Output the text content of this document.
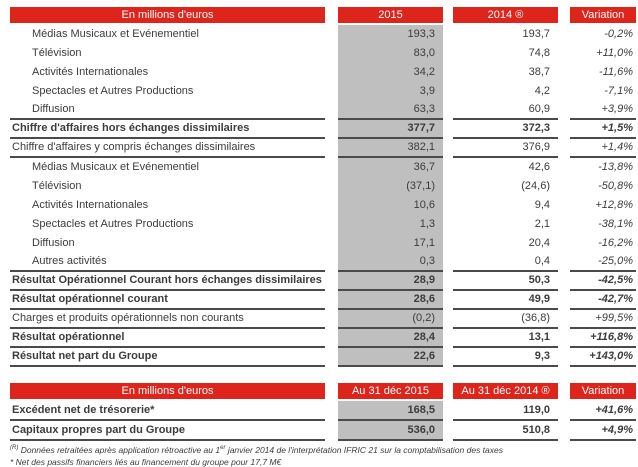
En millions d'euros	2015	2014 ®	Variation
Médias Musicaux et Evénementiel	193,3	193,7	-0,2%
Télévision	83,0	74,8	+11,0%
Activités Internationales	34,2	38,7	-11,6%
Spectacles et Autres Productions	3,9	4,2	-7,1%
Diffusion	63,3	60,9	+3,9%
Chiffre d'affaires hors échanges dissimilaires	377,7	372,3	+1,5%
Chiffre d'affaires y compris échanges dissimilaires	382,1	376,9	+1,4%
Médias Musicaux et Evénementiel	36,7	42,6	-13,8%
Télévision	(37,1)	(24,6)	-50,8%
Activités Internationales	10,6	9,4	+12,8%
Spectacles et Autres Productions	1,3	2,1	-38,1%
Diffusion	17,1	20,4	-16,2%
Autres activités	0,3	0,4	-25,0%
Résultat Opérationnel Courant hors échanges dissimilaires	28,9	50,3	-42,5%
Résultat opérationnel courant	28,6	49,9	-42,7%
Charges et produits opérationnels non courants	(0,2)	(36,8)	+99,5%
Résultat opérationnel	28,4	13,1	+116,8%
Résultat net part du Groupe	22,6	9,3	+143,0%
En millions d'euros	Au 31 déc 2015	Au 31 déc 2014 ®	Variation
Excédent net de trésorerie*	168,5	119,0	+41,6%
Capitaux propres part du Groupe	536,0	510,8	+4,9%

$^{(R)}$ Données retraitées après application rétroactive au 1er janvier 2014 de l'interprétation IFRIC 21 sur la comptabilisation des taxes

* Net des passifs financiers liés au financement du groupe pour 17,7 M€
